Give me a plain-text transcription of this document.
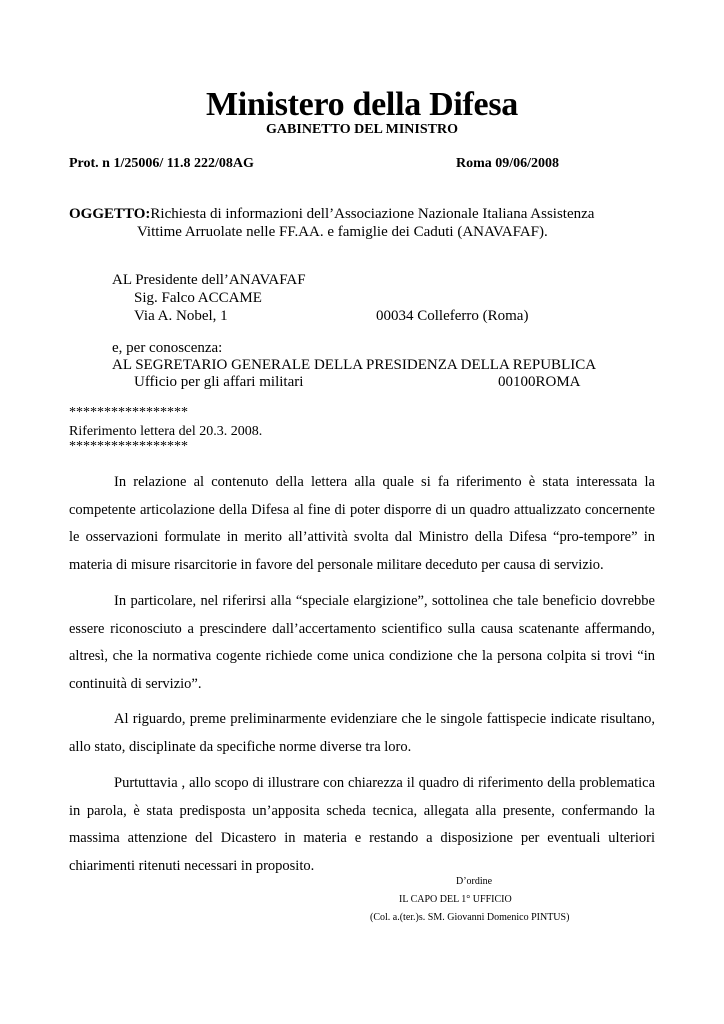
Ministero della Difesa
GABINETTO DEL MINISTRO
Prot. n 1/25006/ 11.8 222/08AG	Roma 09/06/2008
OGGETTO:Richiesta di informazioni dell’Associazione Nazionale Italiana Assistenza
Vittime Arruolate nelle FF.AA. e famiglie dei Caduti (ANAVAFAF).
AL Presidente dell’ANAVAFAF
Sig. Falco ACCAME
Via A. Nobel, 1	00034 Colleferro (Roma)
e, per conoscenza:
AL SEGRETARIO GENERALE DELLA PRESIDENZA DELLA REPUBLICA
Ufficio per gli affari militari	00100ROMA
*****************
Riferimento lettera del 20.3. 2008.
*****************
In relazione al contenuto della lettera alla quale si fa riferimento è stata interessata la
competente articolazione della Difesa al fine di poter disporre di un quadro attualizzato concernente
le osservazioni formulate in merito all’attività svolta dal Ministro della Difesa “pro-tempore” in
materia di misure risarcitorie in favore del personale militare deceduto per causa di servizio.
In particolare, nel riferirsi alla “speciale elargizione”, sottolinea che tale beneficio dovrebbe
essere riconosciuto a prescindere dall’accertamento scientifico sulla causa scatenante affermando,
altresì, che la normativa cogente richiede come unica condizione che la persona colpita si trovi “in
continuità di servizio”.
Al riguardo, preme preliminarmente evidenziare che le singole fattispecie indicate risultano,
allo stato, disciplinate da specifiche norme diverse tra loro.
Purtuttavia , allo scopo di illustrare con chiarezza il quadro di riferimento della problematica
in parola, è stata predisposta un’apposita scheda tecnica, allegata alla presente, confermando la
massima attenzione del Dicastero in materia e restando a disposizione per eventuali ulteriori
chiarimenti ritenuti necessari in proposito.
D’ordine
IL CAPO DEL 1° UFFICIO
(Col. a.(ter.)s. SM. Giovanni Domenico PINTUS)
